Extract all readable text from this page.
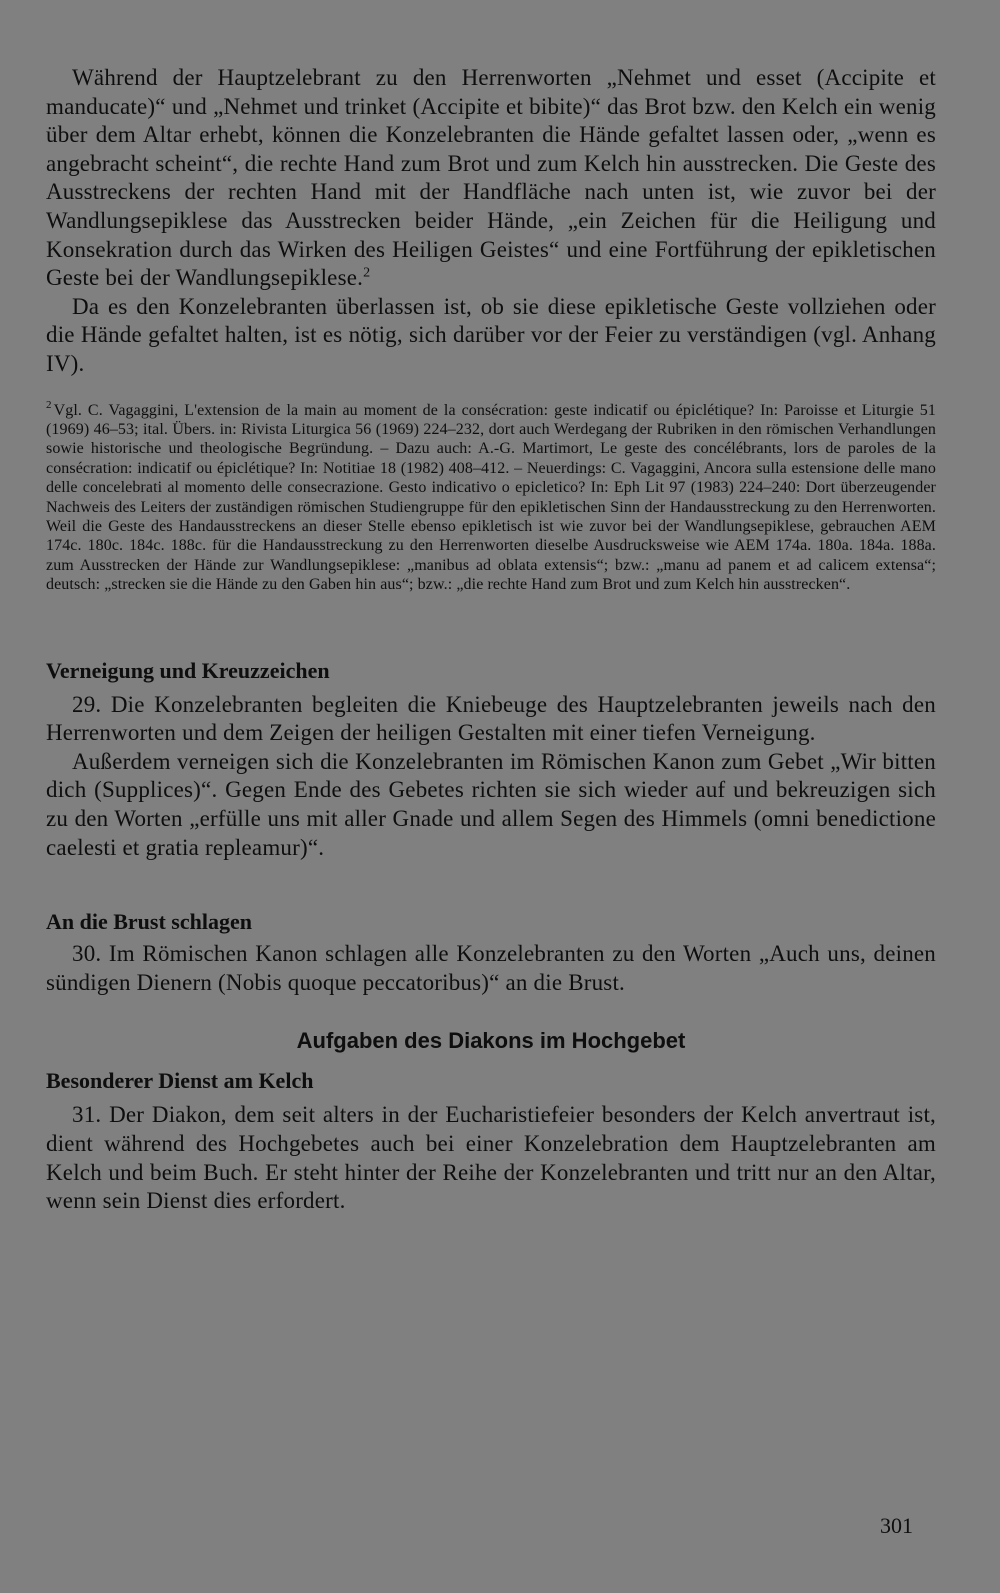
Während der Hauptzelebrant zu den Herrenworten „Nehmet und esset (Accipite et manducate)“ und „Nehmet und trinket (Accipite et bibite)“ das Brot bzw. den Kelch ein wenig über dem Altar erhebt, können die Konzelebranten die Hände gefaltet lassen oder, „wenn es angebracht scheint“, die rechte Hand zum Brot und zum Kelch hin ausstrecken. Die Geste des Ausstreckens der rechten Hand mit der Handfläche nach unten ist, wie zuvor bei der Wandlungsepiklese das Ausstrecken beider Hände, „ein Zeichen für die Heiligung und Konsekration durch das Wirken des Heiligen Geistes“ und eine Fortführung der epikletischen Geste bei der Wandlungsepiklese.$^2$

Da es den Konzelebranten überlassen ist, ob sie diese epikletische Geste vollziehen oder die Hände gefaltet halten, ist es nötig, sich darüber vor der Feier zu verständigen (vgl. Anhang IV).

$^2$ Vgl. C. Vagaggini, L'extension de la main au moment de la consécration: geste indicatif ou épiclétique? In: Paroisse et Liturgie 51 (1969) 46–53; ital. Übers. in: Rivista Liturgica 56 (1969) 224–232, dort auch Werdegang der Rubriken in den römischen Verhandlungen sowie historische und theologische Begründung. – Dazu auch: A.-G. Martimort, Le geste des concélébrants, lors de paroles de la consécration: indicatif ou épiclétique? In: Notitiae 18 (1982) 408–412. – Neuerdings: C. Vagaggini, Ancora sulla estensione delle mano delle concelebrati al momento delle consecrazione. Gesto indicativo o epicletico? In: Eph Lit 97 (1983) 224–240: Dort überzeugender Nachweis des Leiters der zuständigen römischen Studiengruppe für den epikletischen Sinn der Handausstreckung zu den Herrenworten. Weil die Geste des Handausstreckens an dieser Stelle ebenso epikletisch ist wie zuvor bei der Wandlungsepiklese, gebrauchen AEM 174c. 180c. 184c. 188c. für die Handausstreckung zu den Herrenworten dieselbe Ausdrucksweise wie AEM 174a. 180a. 184a. 188a. zum Ausstrecken der Hände zur Wandlungsepiklese: „manibus ad oblata extensis“; bzw.: „manu ad panem et ad calicem extensa“; deutsch: „strecken sie die Hände zu den Gaben hin aus“; bzw.: „die rechte Hand zum Brot und zum Kelch hin ausstrecken“.
Verneigung und Kreuzzeichen

29. Die Konzelebranten begleiten die Kniebeuge des Hauptzelebranten jeweils nach den Herrenworten und dem Zeigen der heiligen Gestalten mit einer tiefen Verneigung.

Außerdem verneigen sich die Konzelebranten im Römischen Kanon zum Gebet „Wir bitten dich (Supplices)“. Gegen Ende des Gebetes richten sie sich wieder auf und bekreuzigen sich zu den Worten „erfülle uns mit aller Gnade und allem Segen des Himmels (omni benedictione caelesti et gratia repleamur)“.

An die Brust schlagen

30. Im Römischen Kanon schlagen alle Konzelebranten zu den Worten „Auch uns, deinen sündigen Dienern (Nobis quoque peccatoribus)“ an die Brust.

Aufgaben des Diakons im Hochgebet
Besonderer Dienst am Kelch

31. Der Diakon, dem seit alters in der Eucharistiefeier besonders der Kelch anvertraut ist, dient während des Hochgebetes auch bei einer Konzelebration dem Hauptzelebranten am Kelch und beim Buch. Er steht hinter der Reihe der Konzelebranten und tritt nur an den Altar, wenn sein Dienst dies erfordert.

301
